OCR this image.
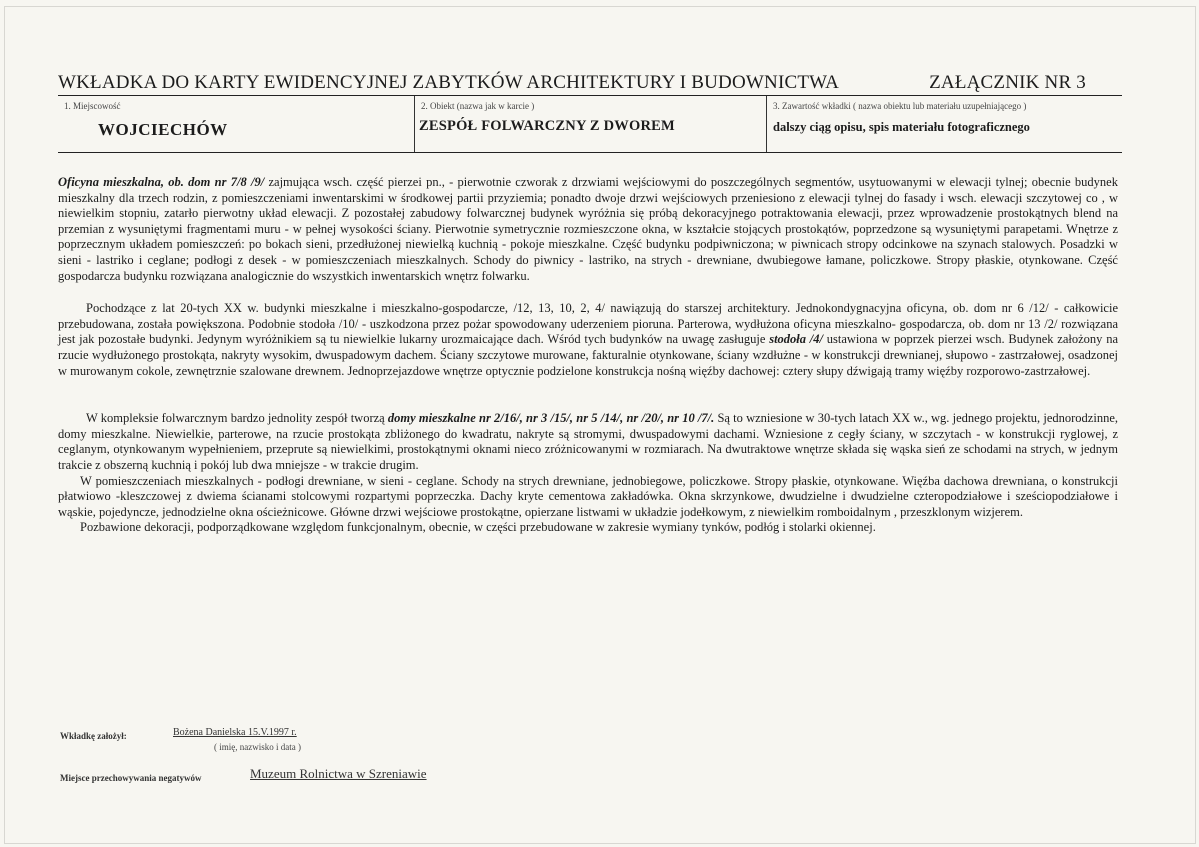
WKŁADKA DO KARTY EWIDENCYJNEJ ZABYTKÓW ARCHITEKTURY I BUDOWNICTWA	ZAŁĄCZNIK NR 3
1. Miejscowość
WOJCIECHÓW
2. Obiekt (nazwa jak w karcie )
ZESPÓŁ FOLWARCZNY Z DWOREM
3. Zawartość wkładki ( nazwa obiektu lub materiału uzupełniającego )
dalszy ciąg opisu, spis materiału fotograficznego

Oficyna mieszkalna, ob. dom nr 7/8 /9/ zajmująca wsch. część pierzei pn., - pierwotnie czworak z drzwiami wejściowymi do poszczególnych segmentów, usytuowanymi w elewacji tylnej; obecnie budynek mieszkalny dla trzech rodzin, z pomieszczeniami inwentarskimi w środkowej partii przyziemia; ponadto dwoje drzwi wejściowych przeniesiono z elewacji tylnej do fasady i wsch. elewacji szczytowej co , w niewielkim stopniu, zatarło pierwotny układ elewacji. Z pozostałej zabudowy folwarcznej budynek wyróżnia się próbą dekoracyjnego potraktowania elewacji, przez wprowadzenie prostokątnych blend na przemian z wysuniętymi fragmentami muru - w pełnej wysokości ściany. Pierwotnie symetrycznie rozmieszczone okna, w kształcie stojących prostokątów, poprzedzone są wysuniętymi parapetami. Wnętrze z poprzecznym układem pomieszczeń: po bokach sieni, przedłużonej niewielką kuchnią - pokoje mieszkalne. Część budynku podpiwniczona; w piwnicach stropy odcinkowe na szynach stalowych. Posadzki w sieni - lastriko i ceglane; podłogi z desek - w pomieszczeniach mieszkalnych. Schody do piwnicy - lastriko, na strych - drewniane, dwubiegowe łamane, policzkowe. Stropy płaskie, otynkowane. Część gospodarcza budynku rozwiązana analogicznie do wszystkich inwentarskich wnętrz folwarku.

Pochodzące z lat 20-tych XX w. budynki mieszkalne i mieszkalno-gospodarcze, /12, 13, 10, 2, 4/ nawiązują do starszej architektury. Jednokondygnacyjna oficyna, ob. dom nr 6 /12/ - całkowicie przebudowana, została powiększona. Podobnie stodoła /10/ - uszkodzona przez pożar spowodowany uderzeniem pioruna. Parterowa, wydłużona oficyna mieszkalno- gospodarcza, ob. dom nr 13 /2/ rozwiązana jest jak pozostałe budynki. Jedynym wyróżnikiem są tu niewielkie lukarny urozmaicające dach. Wśród tych budynków na uwagę zasługuje stodoła /4/ ustawiona w poprzek pierzei wsch. Budynek założony na rzucie wydłużonego prostokąta, nakryty wysokim, dwuspadowym dachem. Ściany szczytowe murowane, fakturalnie otynkowane, ściany wzdłużne - w konstrukcji drewnianej, słupowo - zastrzałowej, osadzonej w murowanym cokole, zewnętrznie szalowane drewnem. Jednoprzejazdowe wnętrze optycznie podzielone konstrukcja nośną więźby dachowej: cztery słupy dźwigają tramy więźby rozporowo-zastrzałowej.

W kompleksie folwarcznym bardzo jednolity zespół tworzą domy mieszkalne nr 2/16/, nr 3 /15/, nr 5 /14/, nr /20/, nr 10 /7/. Są to wzniesione w 30-tych latach XX w., wg. jednego projektu, jednorodzinne, domy mieszkalne. Niewielkie, parterowe, na rzucie prostokąta zbliżonego do kwadratu, nakryte są stromymi, dwuspadowymi dachami. Wzniesione z cegły ściany, w szczytach - w konstrukcji ryglowej, z ceglanym, otynkowanym wypełnieniem, przeprute są niewielkimi, prostokątnymi oknami nieco zróżnicowanymi w rozmiarach. Na dwutraktowe wnętrze składa się wąska sień ze schodami na strych, w jednym trakcie z obszerną kuchnią i pokój lub dwa mniejsze - w trakcie drugim.

W pomieszczeniach mieszkalnych - podłogi drewniane, w sieni - ceglane. Schody na strych drewniane, jednobiegowe, policzkowe. Stropy płaskie, otynkowane. Więźba dachowa drewniana, o konstrukcji płatwiowo -kleszczowej z dwiema ścianami stolcowymi rozpartymi poprzeczka. Dachy kryte cementowa zakładówka. Okna skrzynkowe, dwudzielne i dwudzielne czteropodziałowe i sześciopodziałowe i wąskie, pojedyncze, jednodzielne okna ościeżnicowe. Główne drzwi wejściowe prostokątne, opierzane listwami w układzie jodełkowym, z niewielkim romboidalnym , przeszklonym wizjerem.

Pozbawione dekoracji, podporządkowane względom funkcjonalnym, obecnie, w części przebudowane w zakresie wymiany tynków, podłóg i stolarki okiennej.

Wkładkę założył:	Bożena Danielska 15.V.1997 r.
( imię, nazwisko i data )
Miejsce przechowywania negatywów	Muzeum Rolnictwa w Szreniawie
